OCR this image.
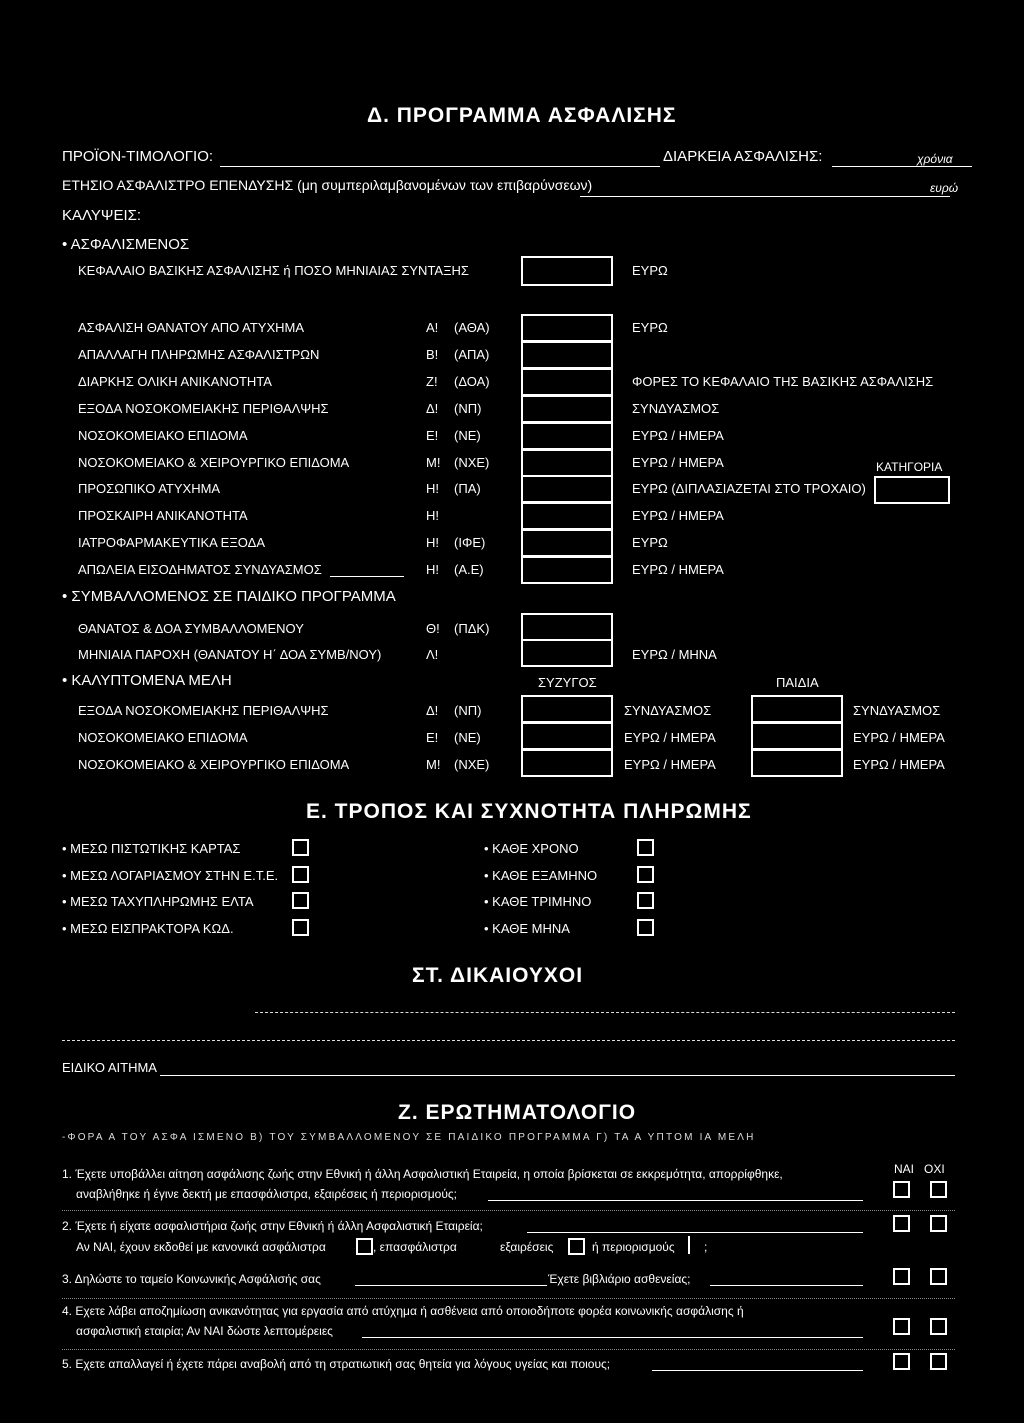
Δ. ΠΡΟΓΡΑΜΜΑ ΑΣΦΑΛΙΣΗΣ
ΠΡΟΪΟΝ-ΤΙΜΟΛΟΓΙΟ:	ΔΙΑΡΚΕΙΑ ΑΣΦΑΛΙΣΗΣ:	χρόνια
ΕΤΗΣΙΟ ΑΣΦΑΛΙΣΤΡΟ ΕΠΕΝΔΥΣΗΣ (μη συμπεριλαμβανομένων των επιβαρύνσεων)	ευρώ
ΚΑΛΥΨΕΙΣ:
• ΑΣΦΑΛΙΣΜΕΝΟΣ
ΚΕΦΑΛΑΙΟ ΒΑΣΙΚΗΣ ΑΣΦΑΛΙΣΗΣ ή ΠΟΣΟ ΜΗΝΙΑΙΑΣ ΣΥΝΤΑΞΗΣ	ΕΥΡΩ
ΑΣΦΑΛΙΣΗ ΘΑΝΑΤΟΥ ΑΠΟ ΑΤΥΧΗΜΑ	Α! (ΑΘΑ)	ΕΥΡΩ
ΑΠΑΛΛΑΓΗ ΠΛΗΡΩΜΗΣ ΑΣΦΑΛΙΣΤΡΩΝ	Β! (ΑΠΑ)
ΔΙΑΡΚΗΣ ΟΛΙΚΗ ΑΝΙΚΑΝΟΤΗΤΑ	Ζ! (ΔΟΑ)	ΦΟΡΕΣ ΤΟ ΚΕΦΑΛΑΙΟ ΤΗΣ ΒΑΣΙΚΗΣ ΑΣΦΑΛΙΣΗΣ
ΕΞΟΔΑ ΝΟΣΟΚΟΜΕΙΑΚΗΣ ΠΕΡΙΘΑΛΨΗΣ	Δ! (ΝΠ)	ΣΥΝΔΥΑΣΜΟΣ
ΝΟΣΟΚΟΜΕΙΑΚΟ ΕΠΙΔΟΜΑ	Ε! (ΝΕ)	ΕΥΡΩ / ΗΜΕΡΑ
ΝΟΣΟΚΟΜΕΙΑΚΟ & ΧΕΙΡΟΥΡΓΙΚΟ ΕΠΙΔΟΜΑ	Μ! (ΝΧΕ)	ΕΥΡΩ / ΗΜΕΡΑ
ΠΡΟΣΩΠΙΚΟ ΑΤΥΧΗΜΑ	Η! (ΠΑ)	ΕΥΡΩ (ΔΙΠΛΑΣΙΑΖΕΤΑΙ ΣΤΟ ΤΡΟΧΑΙΟ)
ΠΡΟΣΚΑΙΡΗ ΑΝΙΚΑΝΟΤΗΤΑ	Η!	ΕΥΡΩ / ΗΜΕΡΑ
ΙΑΤΡΟΦΑΡΜΑΚΕΥΤΙΚΑ ΕΞΟΔΑ	Η! (ΙΦΕ)	ΕΥΡΩ
ΑΠΩΛΕΙΑ ΕΙΣΟΔΗΜΑΤΟΣ ΣΥΝΔΥΑΣΜΟΣ	Η! (Α.Ε)	ΕΥΡΩ / ΗΜΕΡΑ
ΚΑΤΗΓΟΡΙΑ
• ΣΥΜΒΑΛΛΟΜΕΝΟΣ ΣΕ ΠΑΙΔΙΚΟ ΠΡΟΓΡΑΜΜΑ
ΘΑΝΑΤΟΣ & ΔΟΑ ΣΥΜΒΑΛΛΟΜΕΝΟΥ	Θ! (ΠΔΚ)
ΜΗΝΙΑΙΑ ΠΑΡΟΧΗ (ΘΑΝΑΤΟΥ Η΄ ΔΟΑ ΣΥΜΒ/ΝΟΥ)	Λ!	ΕΥΡΩ / ΜΗΝΑ
• ΚΑΛΥΠΤΟΜΕΝΑ ΜΕΛΗ	ΣΥΖΥΓΟΣ	ΠΑΙΔΙΑ
ΕΞΟΔΑ ΝΟΣΟΚΟΜΕΙΑΚΗΣ ΠΕΡΙΘΑΛΨΗΣ	Δ! (ΝΠ)	ΣΥΝΔΥΑΣΜΟΣ	ΣΥΝΔΥΑΣΜΟΣ
ΝΟΣΟΚΟΜΕΙΑΚΟ ΕΠΙΔΟΜΑ	Ε! (ΝΕ)	ΕΥΡΩ / ΗΜΕΡΑ	ΕΥΡΩ / ΗΜΕΡΑ
ΝΟΣΟΚΟΜΕΙΑΚΟ & ΧΕΙΡΟΥΡΓΙΚΟ ΕΠΙΔΟΜΑ	Μ! (ΝΧΕ)	ΕΥΡΩ / ΗΜΕΡΑ	ΕΥΡΩ / ΗΜΕΡΑ
Ε. ΤΡΟΠΟΣ ΚΑΙ ΣΥΧΝΟΤΗΤΑ ΠΛΗΡΩΜΗΣ
• ΜΕΣΩ ΠΙΣΤΩΤΙΚΗΣ ΚΑΡΤΑΣ
• ΜΕΣΩ ΛΟΓΑΡΙΑΣΜΟΥ ΣΤΗΝ Ε.Τ.Ε.
• ΜΕΣΩ ΤΑΧΥΠΛΗΡΩΜΗΣ ΕΛΤΑ
• ΜΕΣΩ ΕΙΣΠΡΑΚΤΟΡΑ ΚΩΔ.
• ΚΑΘΕ ΧΡΟΝΟ
• ΚΑΘΕ ΕΞΑΜΗΝΟ
• ΚΑΘΕ ΤΡΙΜΗΝΟ
• ΚΑΘΕ ΜΗΝΑ
ΣΤ. ΔΙΚΑΙΟΥΧΟΙ
ΕΙΔΙΚΟ ΑΙΤΗΜΑ
Ζ. ΕΡΩΤΗΜΑΤΟΛΟΓΙΟ
-ΦΟΡΑ Α ΤΟΥ ΑΣΦΑ ΙΣΜΕΝΟ Β) ΤΟΥ ΣΥΜΒΑΛΛΟΜΕΝΟΥ ΣΕ ΠΑΙΔΙΚΟ ΠΡΟΓΡΑΜΜΑ Γ) ΤΑ Α ΥΠΤΟΜ ΙΑ ΜΕΛΗ
ΝΑΙ ΟΧΙ
1. Έχετε υποβάλλει αίτηση ασφάλισης ζωής στην Εθνική ή άλλη Ασφαλιστική Εταιρεία, η οποία βρίσκεται σε εκκρεμότητα, απορρίφθηκε,
αναβλήθηκε ή έγινε δεκτή με επασφάλιστρα, εξαιρέσεις ή περιορισμούς;
2. Έχετε ή είχατε ασφαλιστήρια ζωής στην Εθνική ή άλλη Ασφαλιστική Εταιρεία;
Αν ΝΑΙ, έχουν εκδοθεί με κανονικά ασφάλιστρα	, επασφάλιστρα	εξαιρέσεις	ή περιορισμούς ;
3. Δηλώστε το ταμείο Κοινωνικής Ασφάλισής σας	Έχετε βιβλιάριο ασθενείας;
4. Εχετε λάβει αποζημίωση ανικανότητας για εργασία από ατύχημα ή ασθένεια από οποιοδήποτε φορέα κοινωνικής ασφάλισης ή
ασφαλιστική εταιρία; Αν ΝΑΙ δώστε λεπτομέρειες
5. Εχετε απαλλαγεί ή έχετε πάρει αναβολή από τη στρατιωτική σας θητεία για λόγους υγείας και ποιους;
